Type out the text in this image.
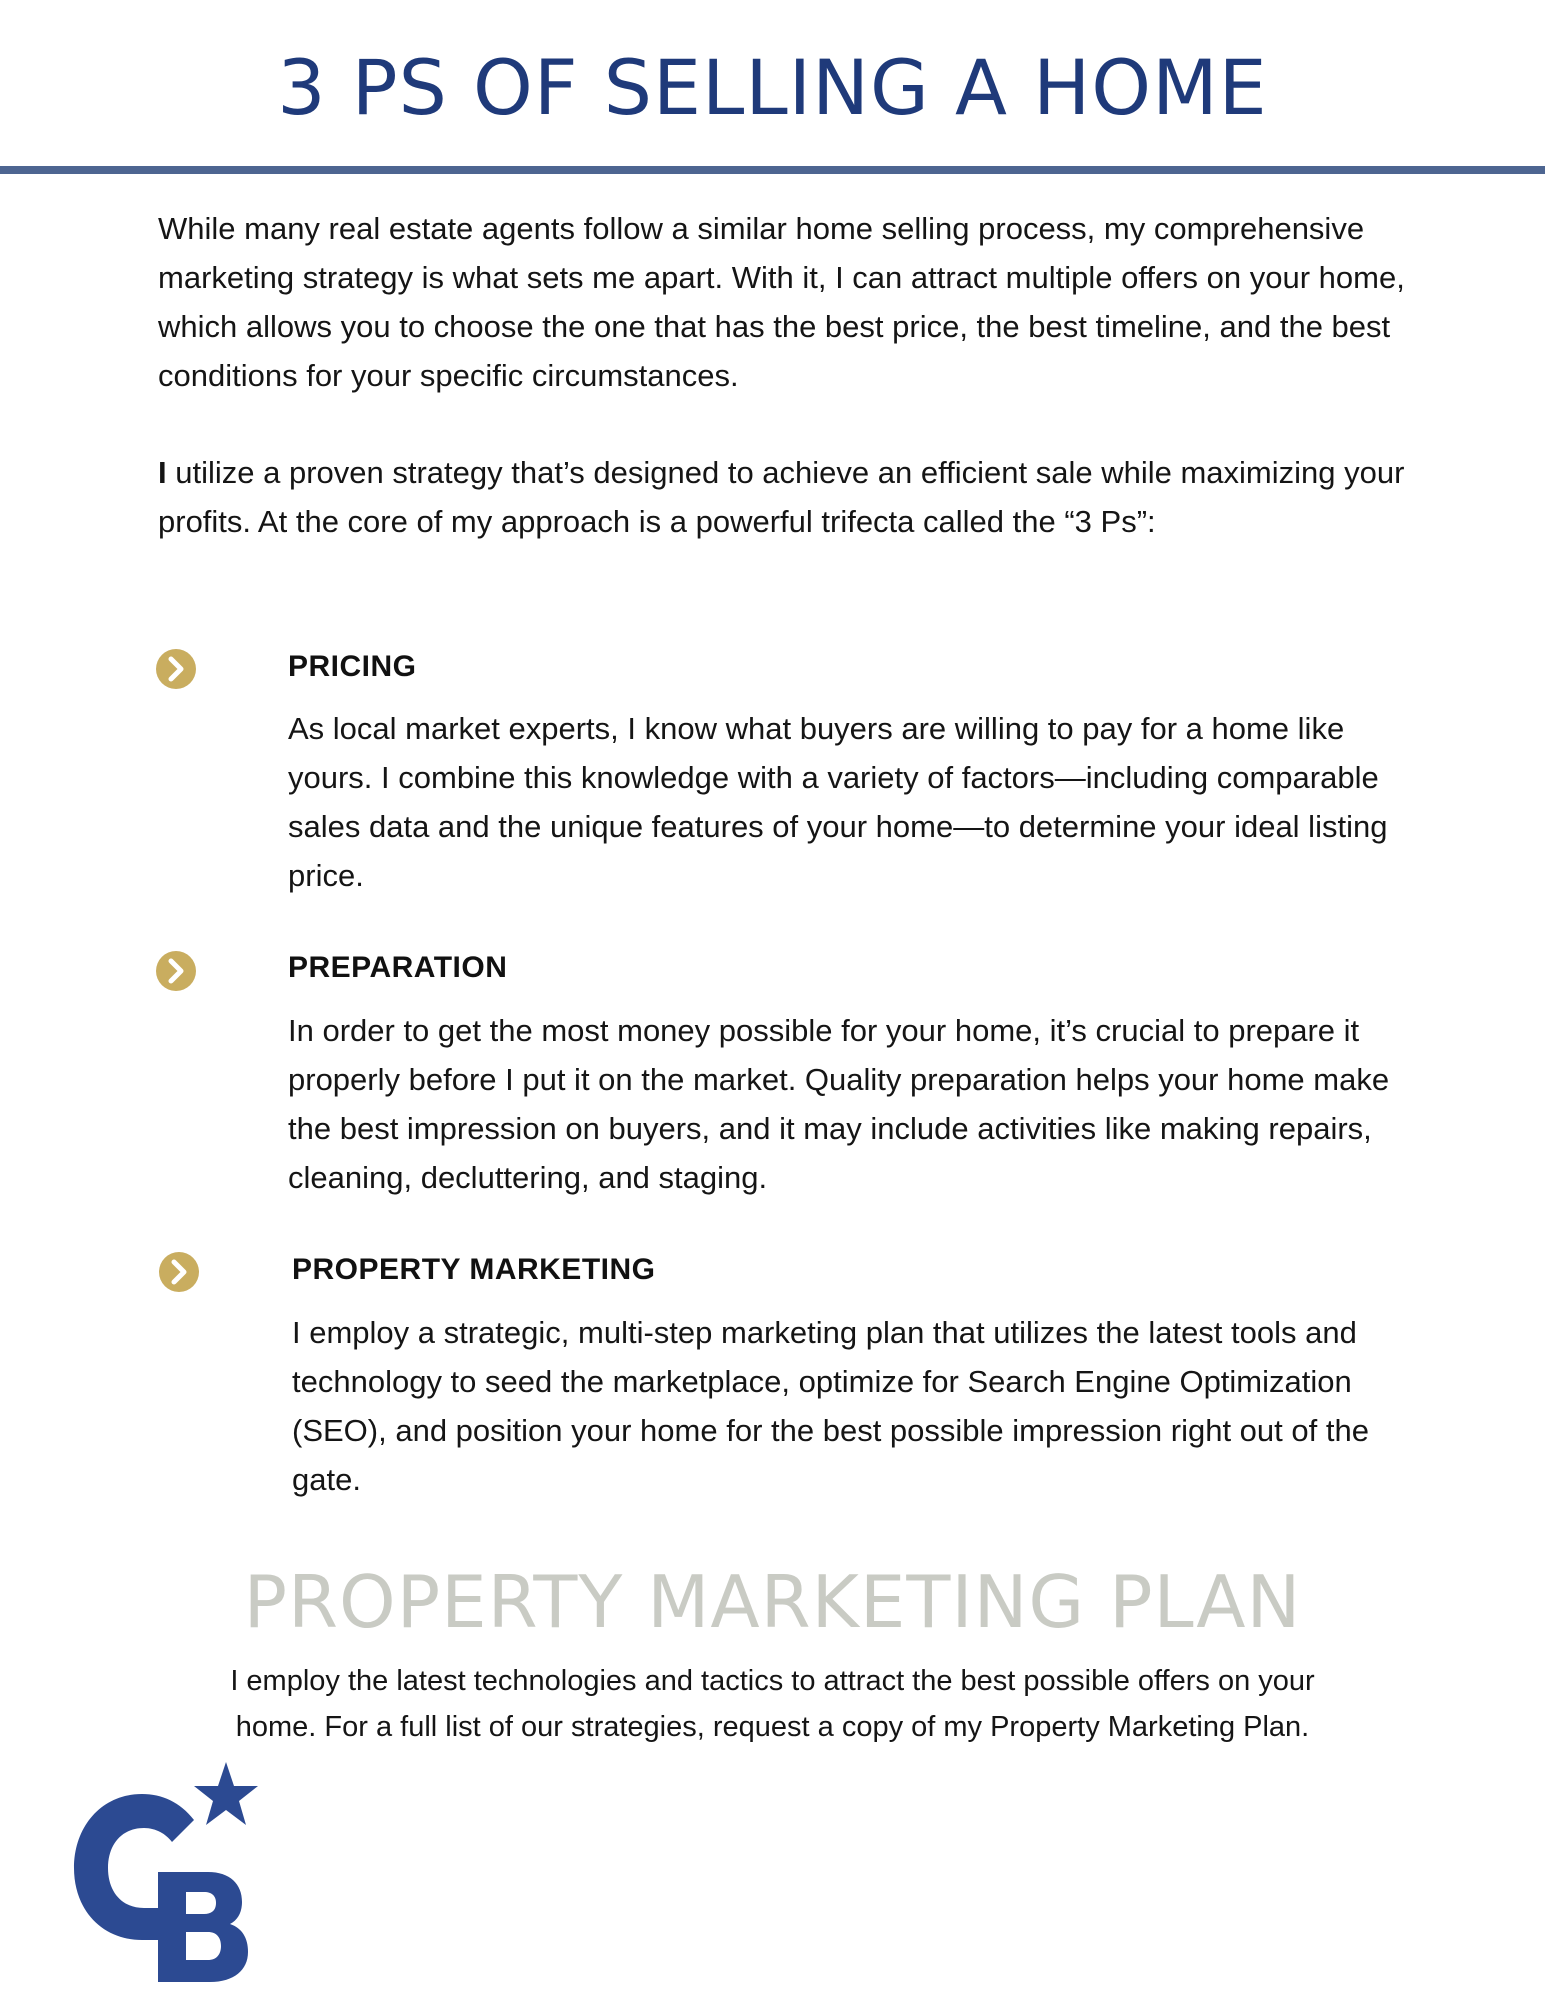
3 PS OF SELLING A HOME

While many real estate agents follow a similar home selling process, my comprehensive marketing strategy is what sets me apart. With it, I can attract multiple offers on your home, which allows you to choose the one that has the best price, the best timeline, and the best conditions for your specific circumstances.

I utilize a proven strategy that’s designed to achieve an efficient sale while maximizing your profits. At the core of my approach is a powerful trifecta called the “3 Ps”:

PRICING

As local market experts, I know what buyers are willing to pay for a home like yours. I combine this knowledge with a variety of factors—including comparable sales data and the unique features of your home—to determine your ideal listing price.

PREPARATION

In order to get the most money possible for your home, it’s crucial to prepare it properly before I put it on the market. Quality preparation helps your home make the best impression on buyers, and it may include activities like making repairs, cleaning, decluttering, and staging.

PROPERTY MARKETING

I employ a strategic, multi-step marketing plan that utilizes the latest tools and technology to seed the marketplace, optimize for Search Engine Optimization (SEO), and position your home for the best possible impression right out of the gate.

PROPERTY MARKETING PLAN

I employ the latest technologies and tactics to attract the best possible offers on your
home. For a full list of our strategies, request a copy of my Property Marketing Plan.
